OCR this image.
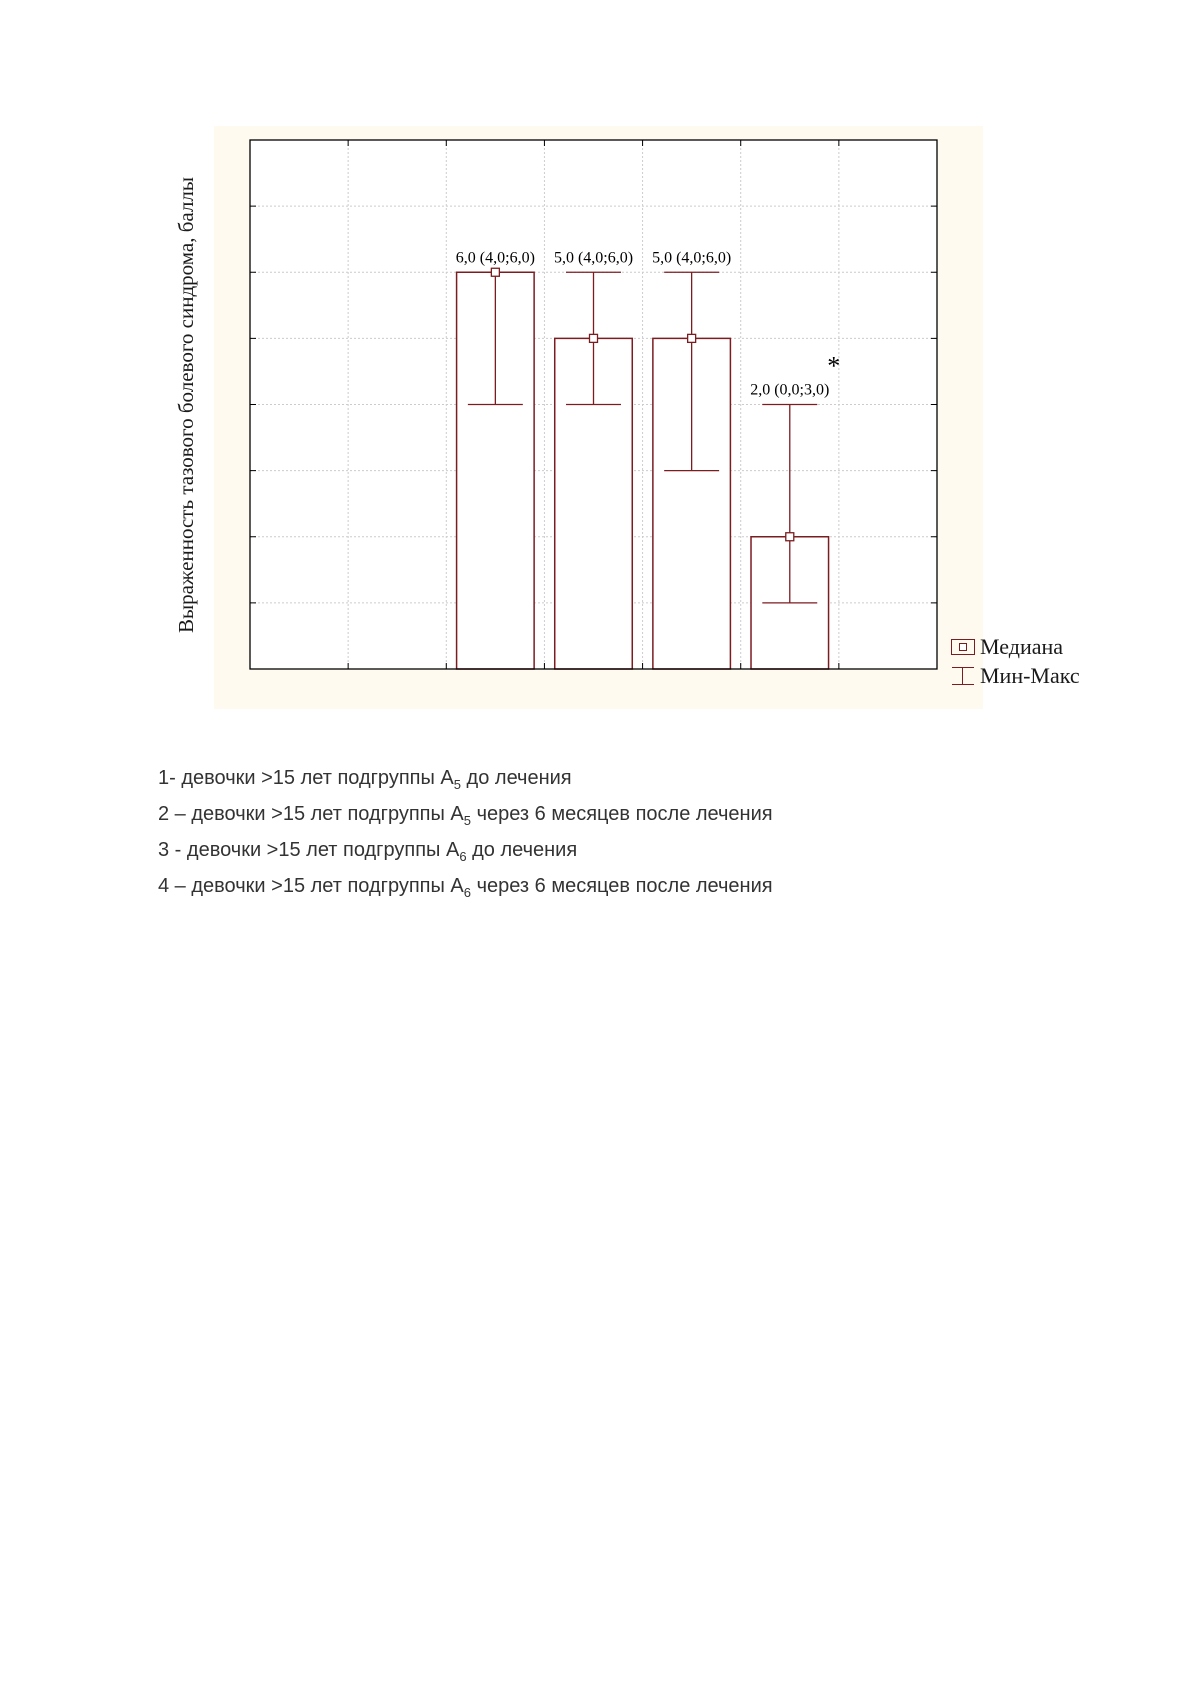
6,0 (4,0;6,0) 5,0 (4,0;6,0) 5,0 (4,0;6,0)
2,0 (0,0;3,0)
*
Выраженность тазового болевого синдрома, баллы
Медиана
Мин-Макс
1- девочки >15 лет подгруппы $А_5$ до лечения
2 – девочки >15 лет подгруппы $А_5$ через 6 месяцев после лечения
3 - девочки >15 лет подгруппы $А_6$ до лечения
4 – девочки >15 лет подгруппы $А_6$ через 6 месяцев после лечения
